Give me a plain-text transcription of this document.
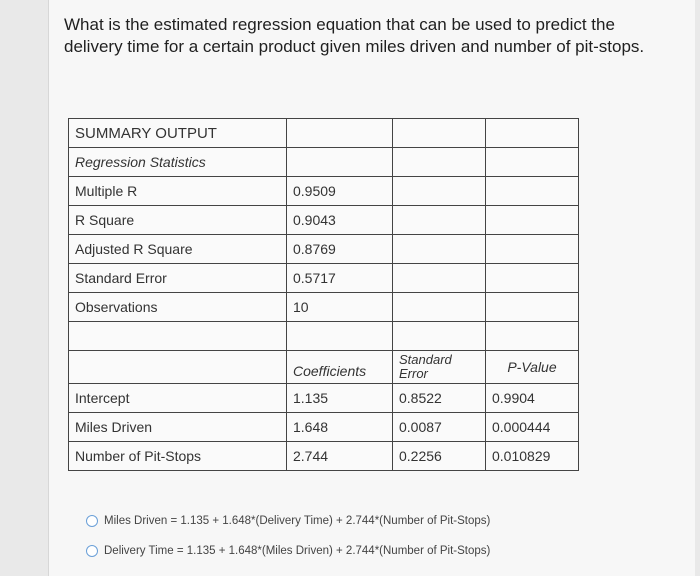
What is the estimated regression equation that can be used to predict the delivery time for a certain product given miles driven and number of pit-stops.
SUMMARY OUTPUT			
Regression Statistics			
Multiple R	0.9509		
R Square	0.9043		
Adjusted R Square	0.8769		
Standard Error	0.5717		
Observations	10		

	Coefficients	Standard Error	P-Value
Intercept	1.135	0.8522	0.9904
Miles Driven	1.648	0.0087	0.000444
Number of Pit-Stops	2.744	0.2256	0.010829
Miles Driven = 1.135 + 1.648*(Delivery Time) + 2.744*(Number of Pit-Stops)
Delivery Time = 1.135 + 1.648*(Miles Driven) + 2.744*(Number of Pit-Stops)
